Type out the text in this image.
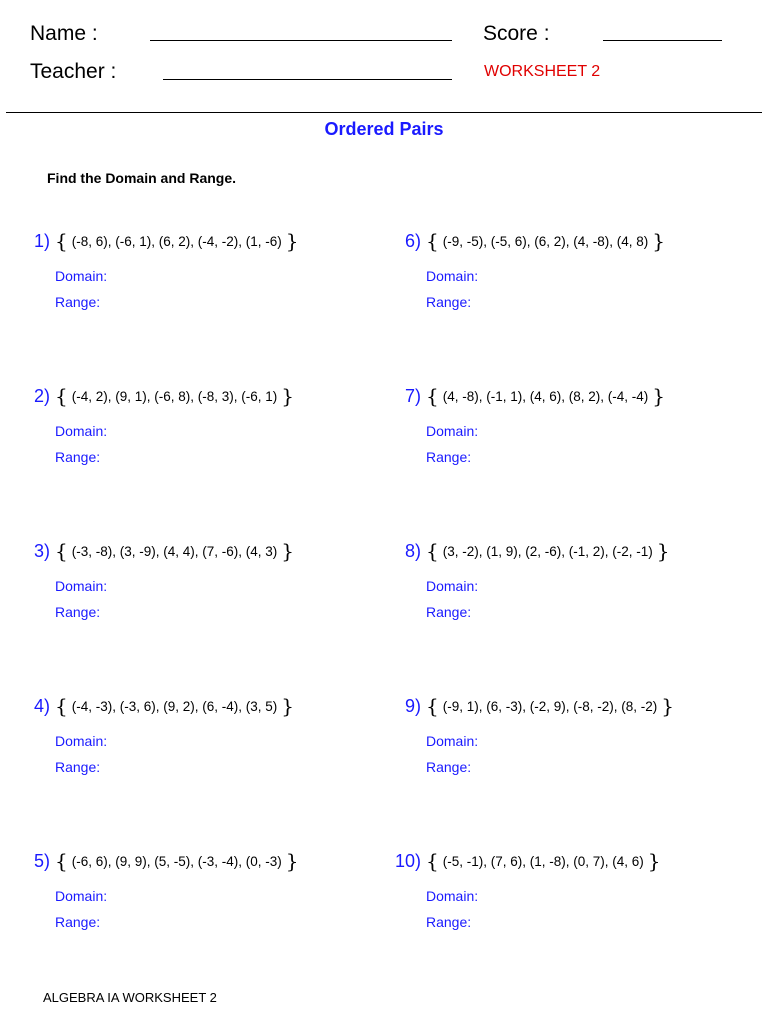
Name :	Score :
Teacher :	WORKSHEET 2
Ordered Pairs
Find the Domain and Range.
1) { (-8, 6), (-6, 1), (6, 2), (-4, -2), (1, -6) }
Domain:
Range:
2) { (-4, 2), (9, 1), (-6, 8), (-8, 3), (-6, 1) }
Domain:
Range:
3) { (-3, -8), (3, -9), (4, 4), (7, -6), (4, 3) }
Domain:
Range:
4) { (-4, -3), (-3, 6), (9, 2), (6, -4), (3, 5) }
Domain:
Range:
5) { (-6, 6), (9, 9), (5, -5), (-3, -4), (0, -3) }
Domain:
Range:
6) { (-9, -5), (-5, 6), (6, 2), (4, -8), (4, 8) }
Domain:
Range:
7) { (4, -8), (-1, 1), (4, 6), (8, 2), (-4, -4) }
Domain:
Range:
8) { (3, -2), (1, 9), (2, -6), (-1, 2), (-2, -1) }
Domain:
Range:
9) { (-9, 1), (6, -3), (-2, 9), (-8, -2), (8, -2) }
Domain:
Range:
10) { (-5, -1), (7, 6), (1, -8), (0, 7), (4, 6) }
Domain:
Range:
ALGEBRA IA WORKSHEET 2
